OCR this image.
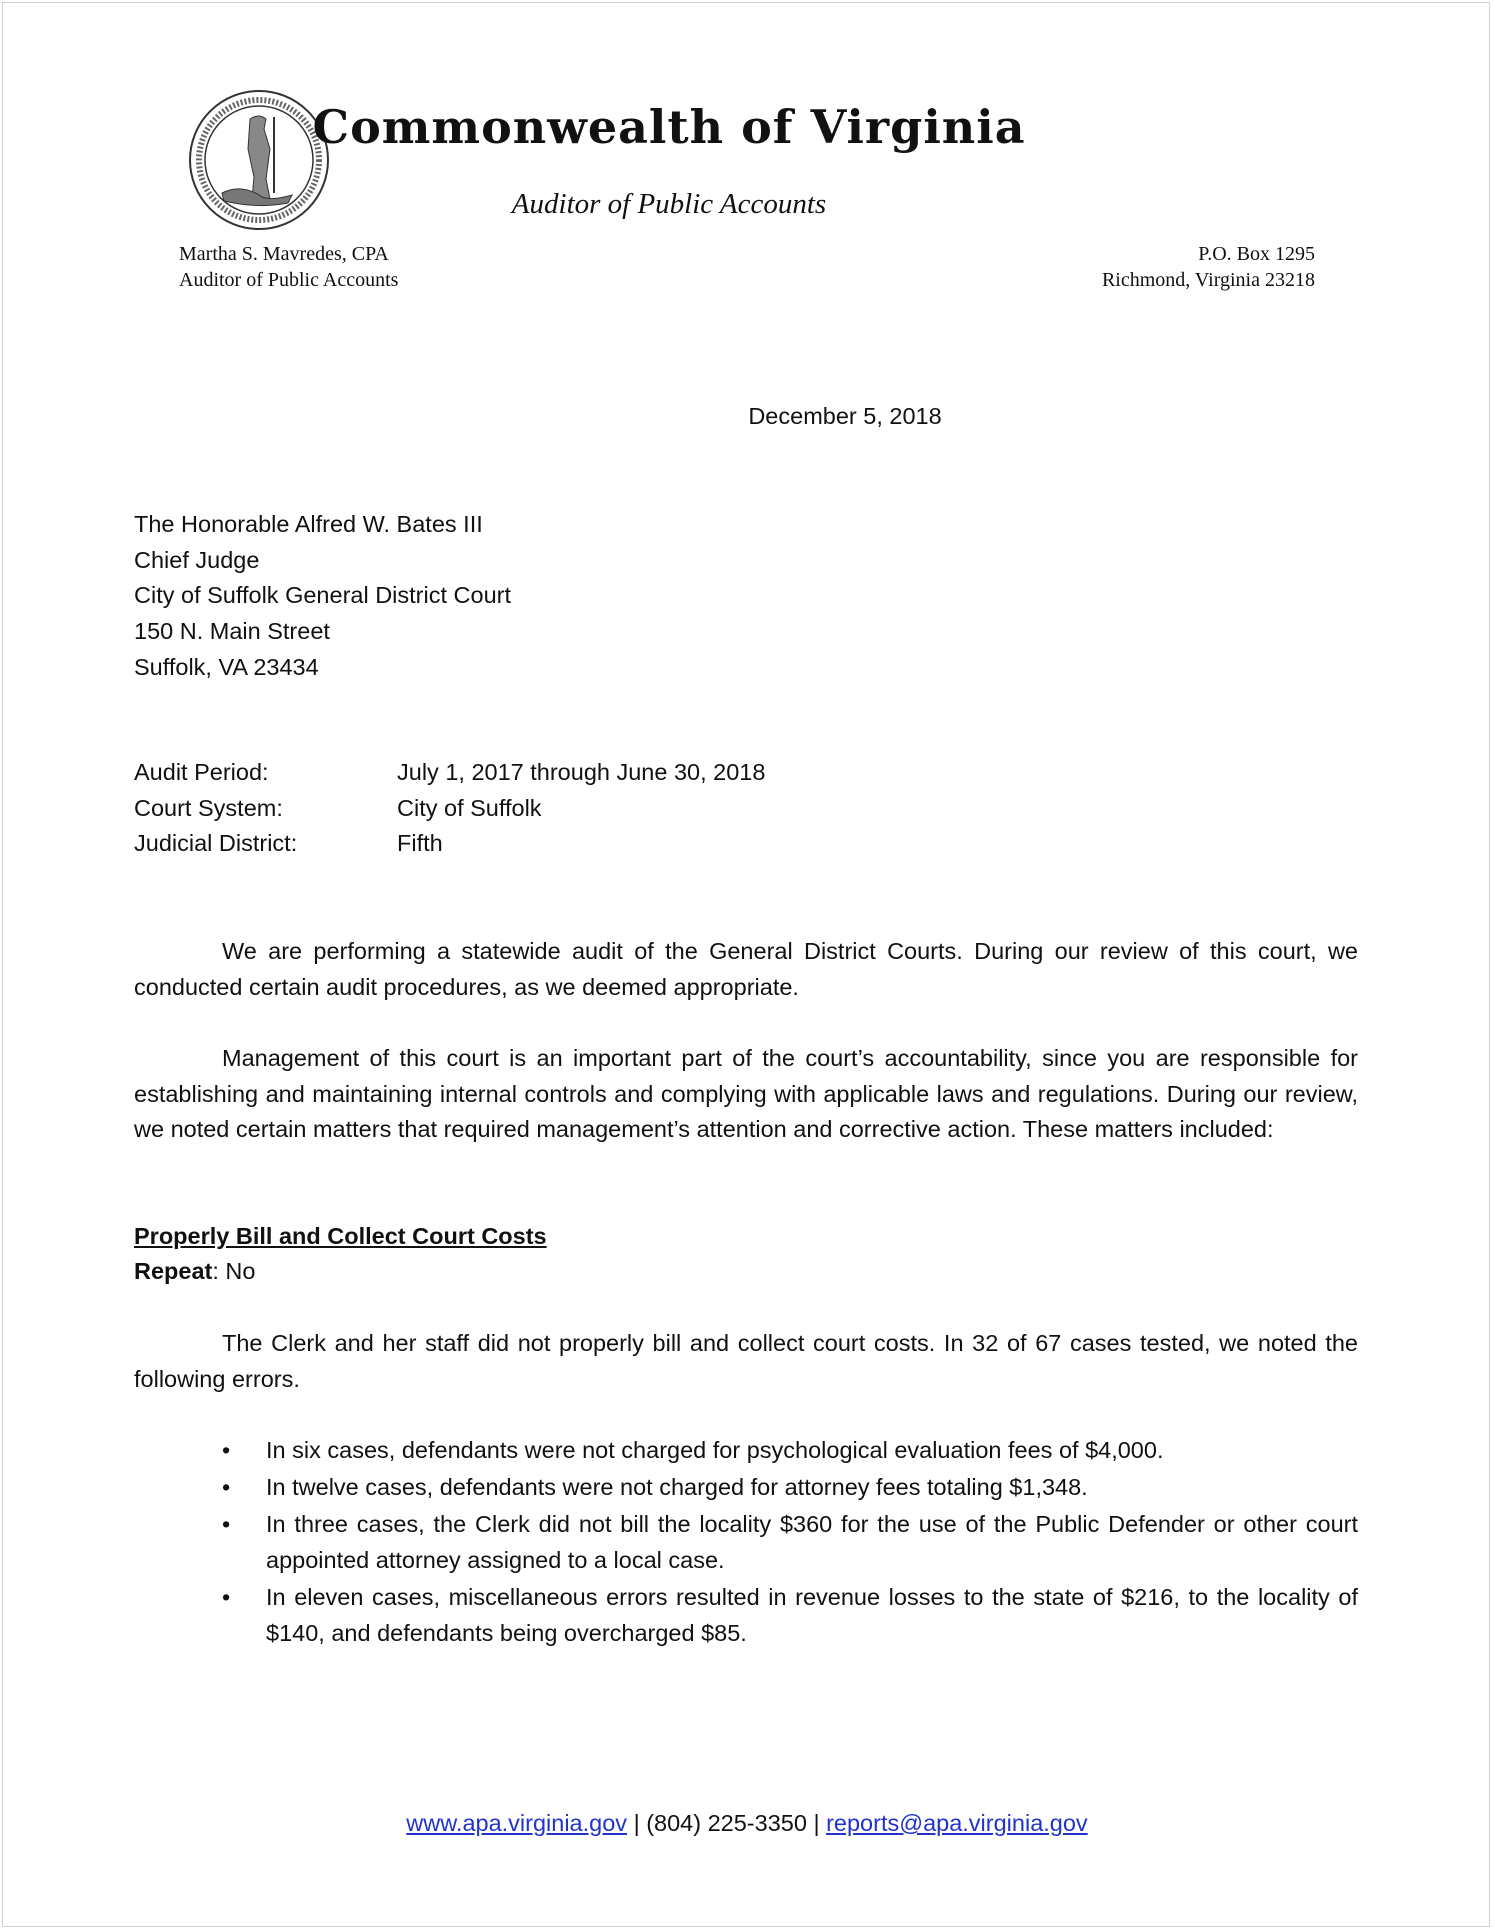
Commonwealth of Virginia
Auditor of Public Accounts
Martha S. Mavredes, CPA
Auditor of Public Accounts
P.O. Box 1295
Richmond, Virginia 23218
December 5, 2018
The Honorable Alfred W. Bates III
Chief Judge
City of Suffolk General District Court
150 N. Main Street
Suffolk, VA 23434
Audit Period:	July 1, 2017 through June 30, 2018
Court System:	City of Suffolk
Judicial District:	Fifth
We are performing a statewide audit of the General District Courts. During our review of this court, we conducted certain audit procedures, as we deemed appropriate.
Management of this court is an important part of the court’s accountability, since you are responsible for establishing and maintaining internal controls and complying with applicable laws and regulations. During our review, we noted certain matters that required management’s attention and corrective action. These matters included:
Properly Bill and Collect Court Costs
Repeat: No
The Clerk and her staff did not properly bill and collect court costs. In 32 of 67 cases tested, we noted the following errors.
• In six cases, defendants were not charged for psychological evaluation fees of $4,000.
• In twelve cases, defendants were not charged for attorney fees totaling $1,348.
• In three cases, the Clerk did not bill the locality $360 for the use of the Public Defender or other court appointed attorney assigned to a local case.
• In eleven cases, miscellaneous errors resulted in revenue losses to the state of $216, to the locality of $140, and defendants being overcharged $85.
www.apa.virginia.gov | (804) 225-3350 | reports@apa.virginia.gov
